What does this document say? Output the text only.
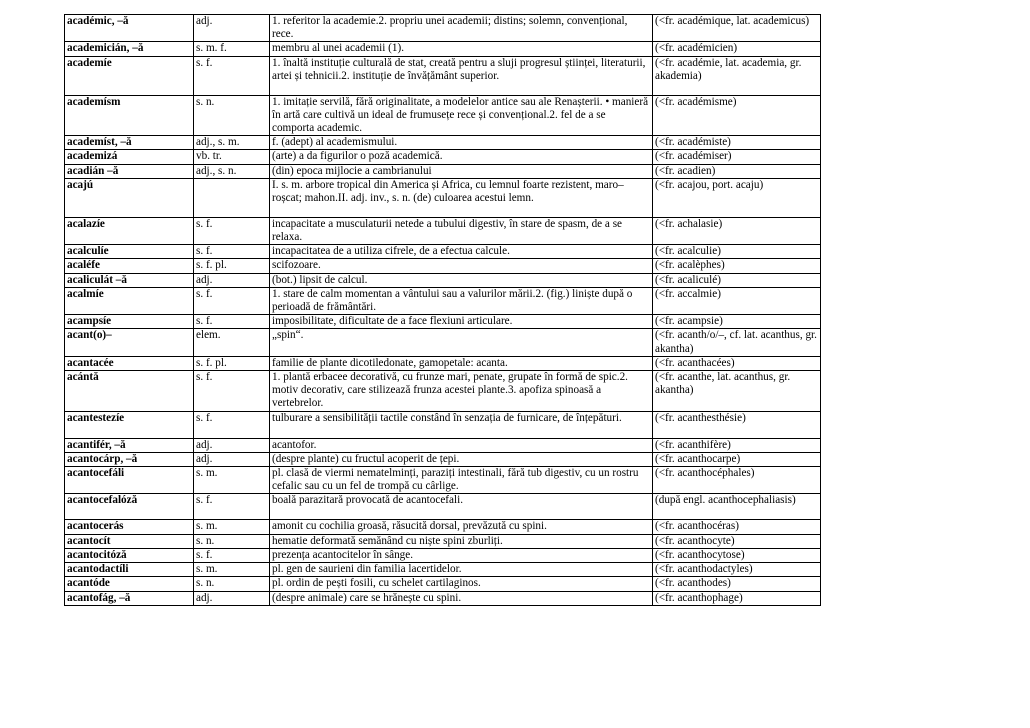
académic, –ă	adj.	1. referitor la academie.2. propriu unei academii; distins; solemn, convențional, rece.	(<fr. académique, lat. academicus)
academicián, –ă	s. m. f.	membru al unei academii (1).	(<fr. académicien)
academíe	s. f.	1. înaltă instituție culturală de stat, creată pentru a sluji progresul științei, literaturii, artei și tehnicii.2. instituție de învățământ superior.	(<fr. académie, lat. academia, gr. akademia)
academísm	s. n.	1. imitație servilă, fără originalitate, a modelelor antice sau ale Renașterii. • manieră în artă care cultivă un ideal de frumusețe rece și convențional.2. fel de a se comporta academic.	(<fr. académisme)
academíst, –ă	adj., s. m.	f. (adept) al academismului.	(<fr. académiste)
academizá	vb. tr.	(arte) a da figurilor o poză academică.	(<fr. académiser)
acadián –ă	adj., s. n.	(din) epoca mijlocie a cambrianului	(<fr. acadien)
acajú		I. s. m. arbore tropical din America și Africa, cu lemnul foarte rezistent, maro–roșcat; mahon.II. adj. inv., s. n. (de) culoarea acestui lemn.	(<fr. acajou, port. acaju)
acalazíe	s. f.	incapacitate a musculaturii netede a tubului digestiv, în stare de spasm, de a se relaxa.	(<fr. achalasie)
acalculíe	s. f.	incapacitatea de a utiliza cifrele, de a efectua calcule.	(<fr. acalculie)
acaléfe	s. f. pl.	scifozoare.	(<fr. acalèphes)
acaliculát –ă	adj.	(bot.) lipsit de calcul.	(<fr. acaliculé)
acalmíe	s. f.	1. stare de calm momentan a vântului sau a valurilor mării.2. (fig.) liniște după o perioadă de frământări.	(<fr. accalmie)
acampsíe	s. f.	imposibilitate, dificultate de a face flexiuni articulare.	(<fr. acampsie)
acant(o)–	elem.	„spin“.	(<fr. acanth/o/–, cf. lat. acanthus, gr. akantha)
acantacée	s. f. pl.	familie de plante dicotiledonate, gamopetale: acanta.	(<fr. acanthacées)
acántă	s. f.	1. plantă erbacee decorativă, cu frunze mari, penate, grupate în formă de spic.2. motiv decorativ, care stilizează frunza acestei plante.3. apofiza spinoasă a vertebrelor.	(<fr. acanthe, lat. acanthus, gr. akantha)
acantestezíe	s. f.	tulburare a sensibilității tactile constând în senzația de furnicare, de înțepături.	(<fr. acanthesthésie)
acantifér, –ă	adj.	acantofor.	(<fr. acanthifère)
acantocárp, –ă	adj.	(despre plante) cu fructul acoperit de țepi.	(<fr. acanthocarpe)
acantocefáli	s. m.	pl. clasă de viermi nematelminți, paraziți intestinali, fără tub digestiv, cu un rostru cefalic sau cu un fel de trompă cu cârlige.	(<fr. acanthocéphales)
acantocefalóză	s. f.	boală parazitară provocată de acantocefali.	(după engl. acanthocephaliasis)
acantocerás	s. m.	amonit cu cochilia groasă, răsucită dorsal, prevăzută cu spini.	(<fr. acanthocéras)
acantocít	s. n.	hematie deformată semănând cu niște spini zburliți.	(<fr. acanthocyte)
acantocitóză	s. f.	prezența acantocitelor în sânge.	(<fr. acanthocytose)
acantodactíli	s. m.	pl. gen de saurieni din familia lacertidelor.	(<fr. acanthodactyles)
acantóde	s. n.	pl. ordin de pești fosili, cu schelet cartilaginos.	(<fr. acanthodes)
acantofág, –ă	adj.	(despre animale) care se hrănește cu spini.	(<fr. acanthophage)
